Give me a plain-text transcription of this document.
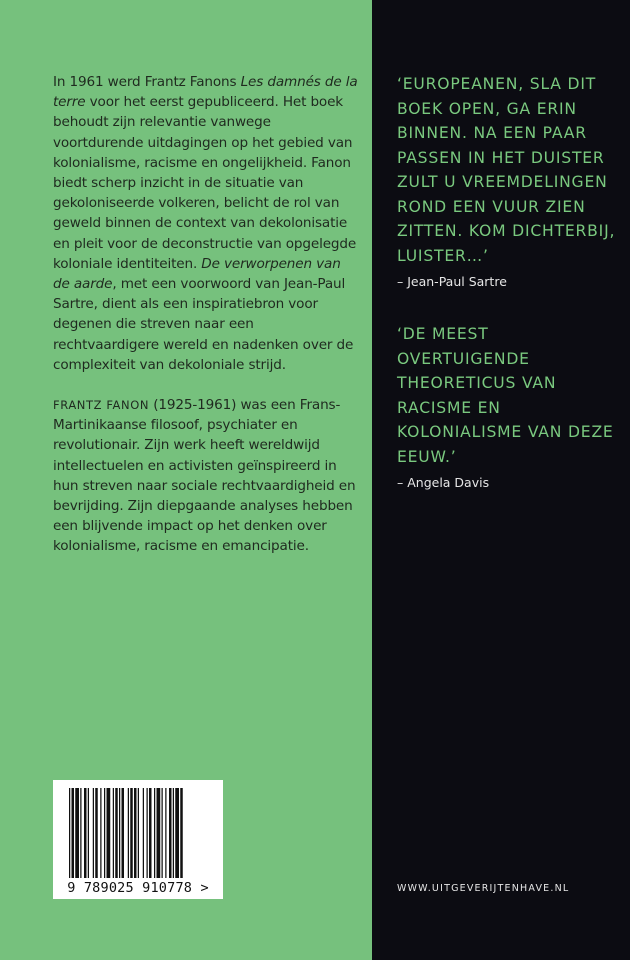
In 1961 werd Frantz Fanons Les damnés de la terre voor het eerst gepubliceerd. Het boek behoudt zijn relevantie vanwege voortdurende uitdagingen op het gebied van kolonialisme, racisme en ongelijkheid. Fanon biedt scherp inzicht in de situatie van gekoloniseerde volkeren, belicht de rol van geweld binnen de context van dekolonisatie en pleit voor de deconstructie van opgelegde koloniale identiteiten. De verworpenen van de aarde, met een voorwoord van Jean-Paul Sartre, dient als een inspiratiebron voor degenen die streven naar een rechtvaardigere wereld en nadenken over de complexiteit van dekoloniale strijd.

FRANTZ FANON (1925-1961) was een Frans-Martinikaanse filosoof, psychiater en revolutionair. Zijn werk heeft wereldwijd intellectuelen en activisten geïnspireerd in hun streven naar sociale rechtvaardigheid en bevrijding. Zijn diepgaande analyses hebben een blijvende impact op het denken over kolonialisme, racisme en emancipatie.

‘EUROPEANEN, SLA DIT BOEK OPEN, GA ERIN BINNEN. NA EEN PAAR PASSEN IN HET DUISTER ZULT U VREEMDELINGEN ROND EEN VUUR ZIEN ZITTEN. KOM DICHTERBIJ, LUISTER…’
– Jean-Paul Sartre
‘DE MEEST OVERTUIGENDE THEORETICUS VAN RACISME EN KOLONIALISME VAN DEZE EEUW.’
– Angela Davis
9 789025 910778 >	WWW.UITGEVERIJTENHAVE.NL
